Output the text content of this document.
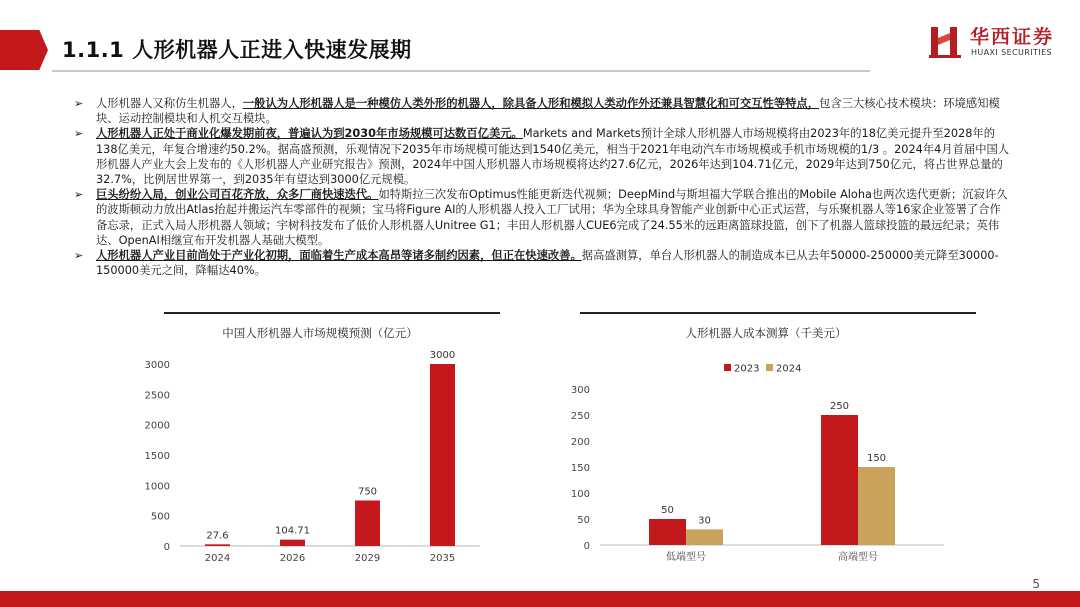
1.1.1 人形机器人正进入快速发展期
华西证券
HUAXI SECURITIES

➢ 人形机器人又称仿生机器人，一般认为人形机器人是一种模仿人类外形的机器人，除具备人形和模拟人类动作外还兼具智慧化和可交互性等特点，包含三大核心技术模块：环境感知模块、运动控制模块和人机交互模块。

➢ 人形机器人正处于商业化爆发期前夜，普遍认为到2030年市场规模可达数百亿美元。Markets and Markets预计全球人形机器人市场规模将由2023年的18亿美元提升至2028年的138亿美元，年复合增速约50.2%。据高盛预测，乐观情况下2035年市场规模可能达到1540亿美元，相当于2021年电动汽车市场规模或手机市场规模的1/3 。2024年4月首届中国人形机器人产业大会上发布的《人形机器人产业研究报告》预测，2024年中国人形机器人市场规模将达约27.6亿元，2026年达到104.71亿元，2029年达到750亿元，将占世界总量的32.7%，比例居世界第一，到2035年有望达到3000亿元规模。

➢ 巨头纷纷入局，创业公司百花齐放，众多厂商快速迭代。如特斯拉三次发布Optimus性能更新迭代视频；DeepMind与斯坦福大学联合推出的Mobile Aloha也两次迭代更新；沉寂许久的波斯顿动力放出Atlas抬起并搬运汽车零部件的视频；宝马将Figure AI的人形机器人投入工厂试用；华为全球具身智能产业创新中心正式运营，与乐聚机器人等16家企业签署了合作备忘录，正式入局人形机器人领域；宇树科技发布了低价人形机器人Unitree G1；丰田人形机器人CUE6完成了24.55米的远距离篮球投篮，创下了机器人篮球投篮的最远纪录；英伟达、OpenAI相继宣布开发机器人基础大模型。

➢ 人形机器人产业目前尚处于产业化初期，面临着生产成本高昂等诸多制约因素，但正在快速改善。据高盛测算，单台人形机器人的制造成本已从去年50000-250000美元降至30000-150000美元之间，降幅达40%。

中国人形机器人市场规模预测（亿元）
0
500
1000
1500
2000
2500
3000
27.6
2024
104.71
2026
750
2029
3000
2035
人形机器人成本测算（千美元）
0
50
100
150
200
250
300
2023 2024
50
30
低端型号
250
150
高端型号
5
